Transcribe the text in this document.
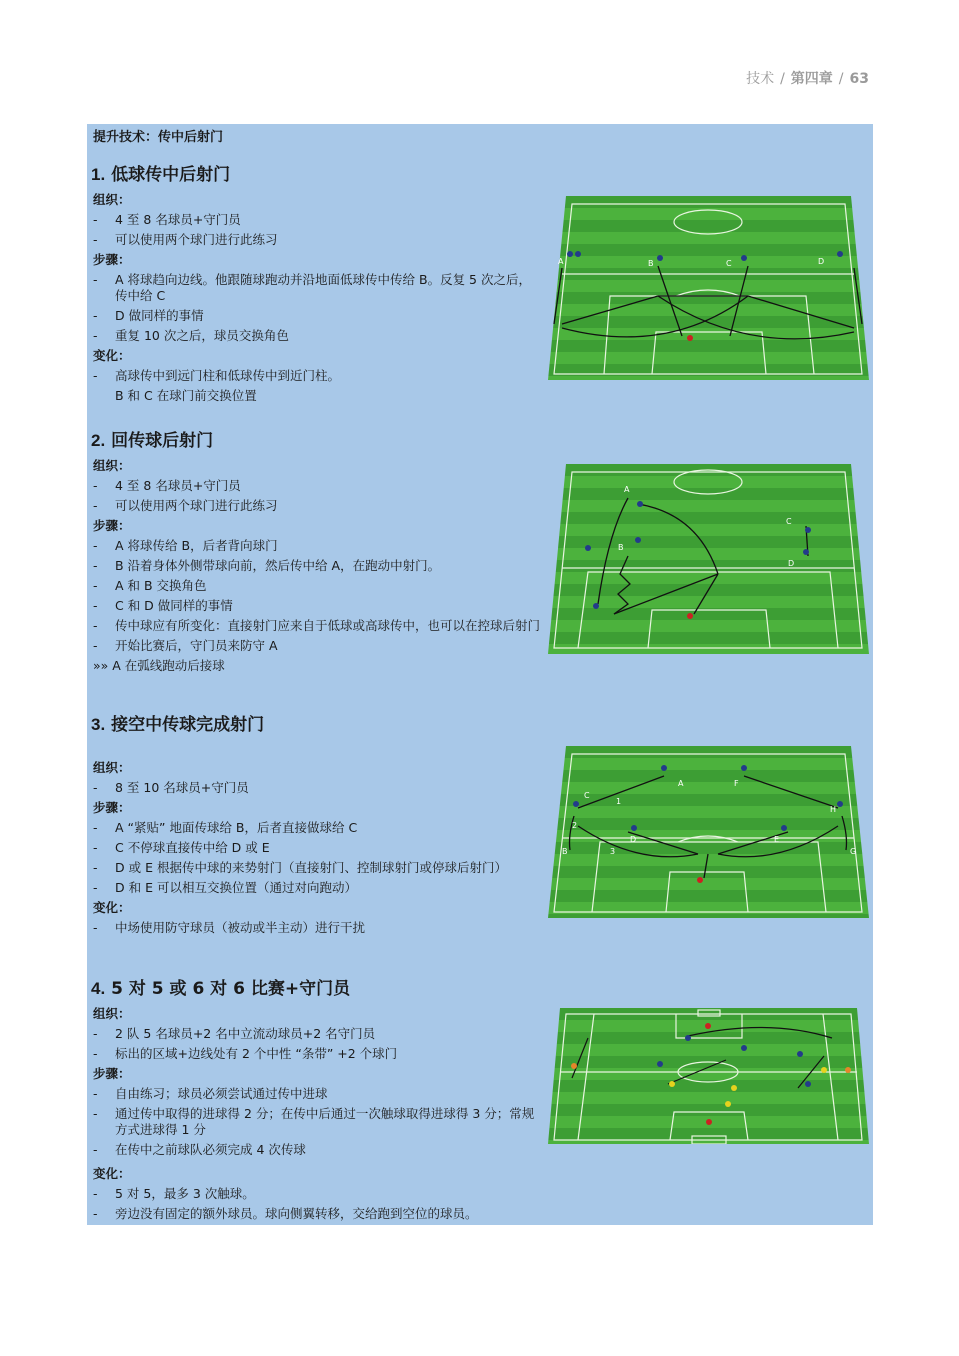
技术 / 第四章 / 63
提升技术：传中后射门
1. 低球传中后射门
组织：
-	4 至 8 名球员+守门员
-	可以使用两个球门进行此练习
步骤：
-	A 将球趋向边线。他跟随球跑动并沿地面低球传中传给 B。反复 5 次之后，传中给 C
-	D 做同样的事情
-	重复 10 次之后，球员交换角色
变化：
-	高球传中到远门柱和低球传中到近门柱。
B 和 C 在球门前交换位置
A	B	C	D
2. 回传球后射门
组织：
-	4 至 8 名球员+守门员
-	可以使用两个球门进行此练习
步骤：
-	A 将球传给 B，后者背向球门
-	B 沿着身体外侧带球向前，然后传中给 A，在跑动中射门。
-	A 和 B 交换角色
-	C 和 D 做同样的事情
-	传中球应有所变化：直接射门应来自于低球或高球传中，也可以在控球后射门
-	开始比赛后，守门员来防守 A
»» A 在弧线跑动后接球
A
B
C
D
3. 接空中传球完成射门
组织：
-	8 至 10 名球员+守门员
步骤：
-	A “紧贴” 地面传球给 B，后者直接做球给 C
-	C 不停球直接传中给 D 或 E
-	D 或 E 根据传中球的来势射门（直接射门、控制球射门或停球后射门）
-	D 和 E 可以相互交换位置（通过对向跑动）
变化：
-	中场使用防守球员（被动或半主动）进行干扰
A
B
C
D	E
F
G
H
1
2
3
4. 5 对 5 或 6 对 6 比赛+守门员
组织：
-	2 队 5 名球员+2 名中立流动球员+2 名守门员
-	标出的区域+边线处有 2 个中性 “条带” +2 个球门
步骤：
-	自由练习；球员必须尝试通过传中进球
-	通过传中取得的进球得 2 分；在传中后通过一次触球取得进球得 3 分；常规方式进球得 1 分
-	在传中之前球队必须完成 4 次传球
变化：
-	5 对 5，最多 3 次触球。
-	旁边没有固定的额外球员。球向侧翼转移，交给跑到空位的球员。
